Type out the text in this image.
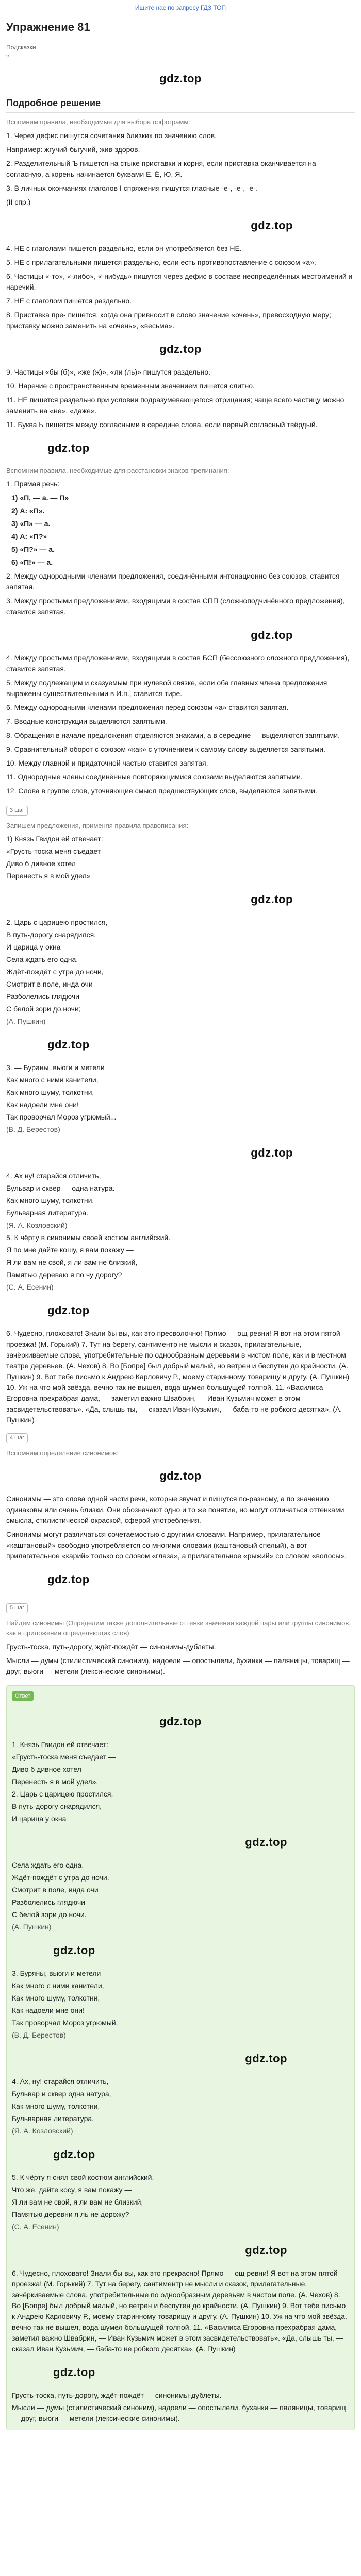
Ищите нас по запросу ГДЗ ТОП
Упражнение 81
Подсказки
?
gdz.top
Подробное решение
Вспомним правила, необходимые для выбора орфограмм:

1. Через дефис пишутся сочетания близких по значению слов.

Например: жгучий-бьгучий, жив-здоров.

2. Разделительный Ъ пишется на стыке приставки и корня, если приставка оканчивается на согласную, а корень начинается буквами Е, Ё, Ю, Я.

3. В личных окончаниях глаголов I спряжения пишутся гласные -е-, -е-, -е-.

(II спр.)

gdz.top

4. НЕ с глаголами пишется раздельно, если он употребляется без НЕ.

5. НЕ с прилагательными пишется раздельно, если есть противопоставление с союзом «а».

6. Частицы «-то», «-либо», «-нибудь» пишутся через дефис в составе неопределённых местоимений и наречий.

7. НЕ с глаголом пишется раздельно.

8. Приставка пре- пишется, когда она привносит в слово значение «очень», превосходную меру; приставку можно заменить на «очень», «весьма».

gdz.top

9. Частицы «бы (б)», «же (ж)», «ли (ль)» пишутся раздельно.

10. Наречие с пространственным временным значением пишется слитно.

11. НЕ пишется раздельно при условии подразумевающегося отрицания; чаще всего частицу можно заменить на «не», «даже».

11. Буква Ь пишется между согласными в середине слова, если первый согласный твёрдый.

gdz.top
Вспомним правила, необходимые для расстановки знаков препинания:

1. Прямая речь:

1) «П, — а. — П»
2) А: «П».
3) «П» — а.
4) А: «П?»
5) «П?» — а.
6) «П!» — а.

2. Между однородными членами предложения, соединёнными интонационно без союзов, ставится запятая.

3. Между простыми предложениями, входящими в состав СПП (сложноподчинённого предложения), ставится запятая.

gdz.top

4. Между простыми предложениями, входящими в состав БСП (бессоюзного сложного предложения), ставится запятая.

5. Между подлежащим и сказуемым при нулевой связке, если оба главных члена предложения выражены существительными в И.п., ставится тире.

6. Между однородными членами предложения перед союзом «а» ставится запятая.

7. Вводные конструкции выделяются запятыми.

8. Обращения в начале предложения отделяются знаками, а в середине — выделяются запятыми.

9. Сравнительный оборот с союзом «как» с уточнением к самому слову выделяется запятыми.

10. Между главной и придаточной частью ставится запятая.

11. Однородные члены соединённые повторяющимися союзами выделяются запятыми.

12. Слова в группе слов, уточняющие смысл предшествующих слов, выделяются запятыми.

3 шаг
Запишем предложения, применяя правила правописания:

1) Князь Гвидон ей отвечает:

«Грусть-тоска меня съедает —

Диво б дивное хотел

Перенесть я в мой удел»

gdz.top

2. Царь с царицею простился,

В путь-дорогу снарядился,

И царица у окна

Села ждать его одна.

Ждёт-пождёт с утра до ночи,

Смотрит в поле, инда очи

Разболелись глядючи

С белой зори до ночи;

(А. Пушкин)

gdz.top

3. — Бураны, вьюги и метели

Как много с ними канители,

Как много шуму, толкотни,

Как надоели мне они!

Так проворчал Мороз угрюмый...

(В. Д. Берестов)

gdz.top

4. Ах ну! старайся отличить,

Бульвар и сквер — одна натура.

Как много шуму, толкотни,

Бульварная литература.

(Я. А. Козловский)

5. К чёрту в синонимы своей костюм английский.

Я по мне дайте кошу, я вам покажу —

Я ли вам не свой, я ли вам не близкий,

Памятью дереваю я по чу дорогу?

(С. А. Есенин)

gdz.top

6. Чудесно, плоховато! Знали бы вы, как это пресволочно! Прямо — ощ ревни! Я вот на этом пятой проезжа! (М. Горький) 7. Тут на берегу, сантиментр не мысли и сказок, прилагательные, зачёркиваемые слова, употребительные по однообразным деревьям в чистом поле, как и в местном театре деревьев. (А. Чехов) 8. Во [Бопре] был добрый малый, но ветрен и беспутен до крайности. (А. Пушкин) 9. Вот тебе письмо к Андрею Карловичу Р., моему старинному товарищу и другу. (А. Пушкин) 10. Уж на что мой звёзда, вечно так не вышел, вода шумел большущей толпой. 11. «Василиса Егоровна прехрабрая дама, — заметил важно Швабрин, — Иван Кузьмич может в этом засвидетельствовать». «Да, слышь ты, — сказал Иван Кузьмич, — баба-то не робкого десятка». (А. Пушкин)

4 шаг
Вспомним определение синонимов:
gdz.top

Синонимы — это слова одной части речи, которые звучат и пишутся по-разному, а по значению одинаковы или очень близки. Они обозначают одно и то же понятие, но могут отличаться оттенками смысла, стилистической окраской, сферой употребления.

Синонимы могут различаться сочетаемостью с другими словами. Например, прилагательное «каштановый» свободно употребляется со многими словами (каштановый спелый), а вот прилагательное «карий» только со словом «глаза», а прилагательное «рыжий» со словом «волосы».

gdz.top
5 шаг
Найдём синонимы (Определим также дополнительные оттенки значения каждой пары или группы синонимов, как в приложении определяющих слов):

Грусть-тоска, путь-дорогу, ждёт-пождёт — синонимы-дублеты.

Мысли — думы (стилистический синоним), надоели — опостылели, буханки — паляницы, товарищ — друг, вьюги — метели (лексические синонимы).

Ответ
gdz.top

1. Князь Гвидон ей отвечает:

«Грусть-тоска меня съедает —

Диво б дивное хотел

Перенесть я в мой удел».

2. Царь с царицею простился,

В путь-дорогу снарядился,

И царица у окна

gdz.top

Села ждать его одна.

Ждёт-пождёт с утра до ночи,

Смотрит в поле, инда очи

Разболелись глядючи

С белой зори до ночи.

(А. Пушкин)

gdz.top

3. Буряны, вьюги и метели

Как много с ними канители,

Как много шуму, толкотни,

Как надоели мне они!

Так проворчал Мороз угрюмый.

(В. Д. Берестов)

gdz.top

4. Ах, ну! старайся отличить,

Бульвар и сквер одна натура,

Как много шуму, толкотни,

Бульварная литература.

(Я. А. Козловский)

gdz.top

5. К чёрту я снял свой костюм английский.

Что же, дайте косу, я вам покажу —

Я ли вам не свой, я ли вам не близкий,

Памятью деревни я ль не дорожу?

(С. А. Есенин)

gdz.top

6. Чудесно, плоховато! Знали бы вы, как это прекрасно! Прямо — ощ ревни! Я вот на этом пятой проезжа! (М. Горький) 7. Тут на берегу, сантиментр не мысли и сказок, прилагательные, зачёркиваемые слова, употребительные по однообразным деревьям в чистом поле. (А. Чехов) 8. Во [Бопре] был добрый малый, но ветрен и беспутен до крайности. (А. Пушкин) 9. Вот тебе письмо к Андрею Карловичу Р., моему старинному товарищу и другу. (А. Пушкин) 10. Уж на что мой звёзда, вечно так не вышел, вода шумел большущей толпой. 11. «Василиса Егоровна прехрабрая дама, — заметил важно Швабрин, — Иван Кузьмич может в этом засвидетельствовать». «Да, слышь ты, — сказал Иван Кузьмич, — баба-то не робкого десятка». (А. Пушкин)

gdz.top

Грусть-тоска, путь-дорогу, ждёт-пождёт — синонимы-дублеты.

Мысли — думы (стилистический синоним), надоели — опостылели, буханки — паляницы, товарищ — друг, вьюги — метели (лексические синонимы).
